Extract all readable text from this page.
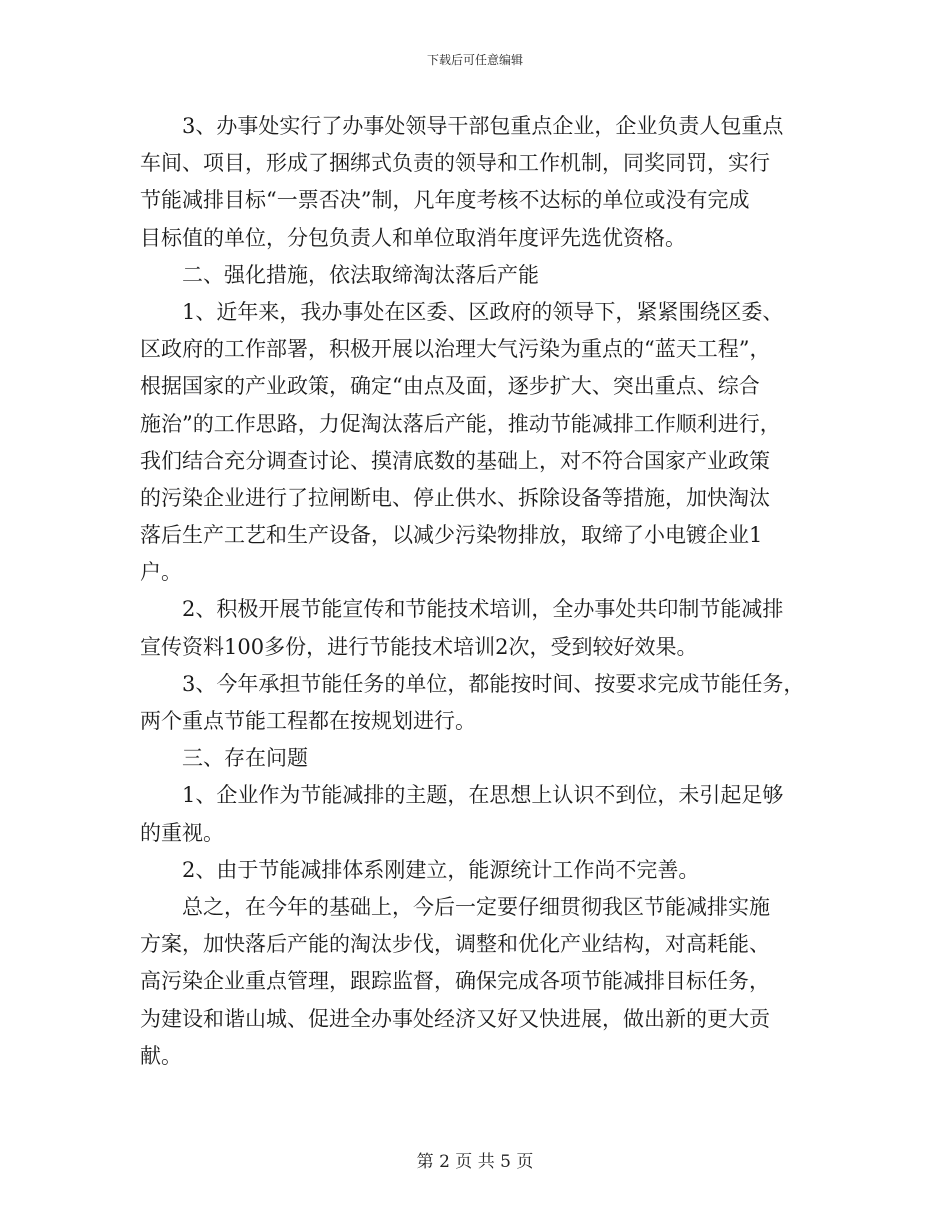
下载后可任意编辑
　　3、办事处实行了办事处领导干部包重点企业，企业负责人包重点
车间、项目，形成了捆绑式负责的领导和工作机制，同奖同罚，实行
节能减排目标“一票否决”制，凡年度考核不达标的单位或没有完成
目标值的单位，分包负责人和单位取消年度评先选优资格。
　　二、强化措施，依法取缔淘汰落后产能
　　1、近年来，我办事处在区委、区政府的领导下，紧紧围绕区委、
区政府的工作部署，积极开展以治理大气污染为重点的“蓝天工程”，
根据国家的产业政策，确定“由点及面，逐步扩大、突出重点、综合
施治”的工作思路，力促淘汰落后产能，推动节能减排工作顺利进行，
我们结合充分调查讨论、摸清底数的基础上，对不符合国家产业政策
的污染企业进行了拉闸断电、停止供水、拆除设备等措施，加快淘汰
落后生产工艺和生产设备，以减少污染物排放，取缔了小电镀企业1
户。
　　2、积极开展节能宣传和节能技术培训，全办事处共印制节能减排
宣传资料100多份，进行节能技术培训2次，受到较好效果。
　　3、今年承担节能任务的单位，都能按时间、按要求完成节能任务，
两个重点节能工程都在按规划进行。
　　三、存在问题
　　1、企业作为节能减排的主题，在思想上认识不到位，未引起足够
的重视。
　　2、由于节能减排体系刚建立，能源统计工作尚不完善。
　　总之，在今年的基础上，今后一定要仔细贯彻我区节能减排实施
方案，加快落后产能的淘汰步伐，调整和优化产业结构，对高耗能、
高污染企业重点管理，跟踪监督，确保完成各项节能减排目标任务，
为建设和谐山城、促进全办事处经济又好又快进展，做出新的更大贡
献。
第 2 页 共 5 页
